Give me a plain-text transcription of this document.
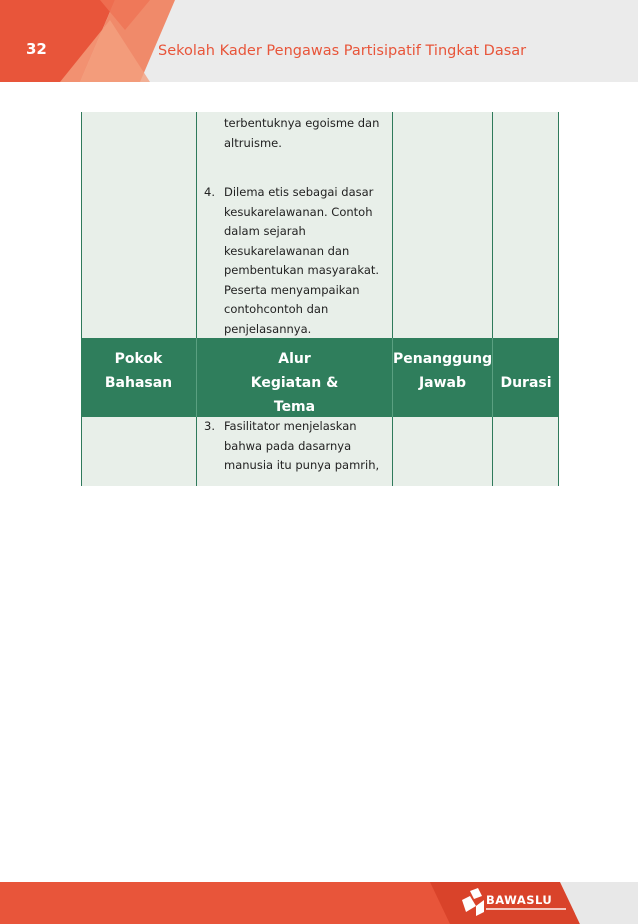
32	Sekolah Kader Pengawas Partisipatif Tingkat Dasar
terbentuknya egoisme dan altruisme.
4. Dilema etis sebagai dasar
kesukarelawanan. Contoh
dalam sejarah
kesukarelawanan dan
pembentukan masyarakat.
Peserta menyampaikan
contohcontoh dan
penjelasannya.
Pokok
Bahasan
Alur
Kegiatan &
Tema
Penanggung
Jawab	Durasi
3. Fasilitator menjelaskan
bahwa pada dasarnya
manusia itu punya pamrih,
BAWASLU
